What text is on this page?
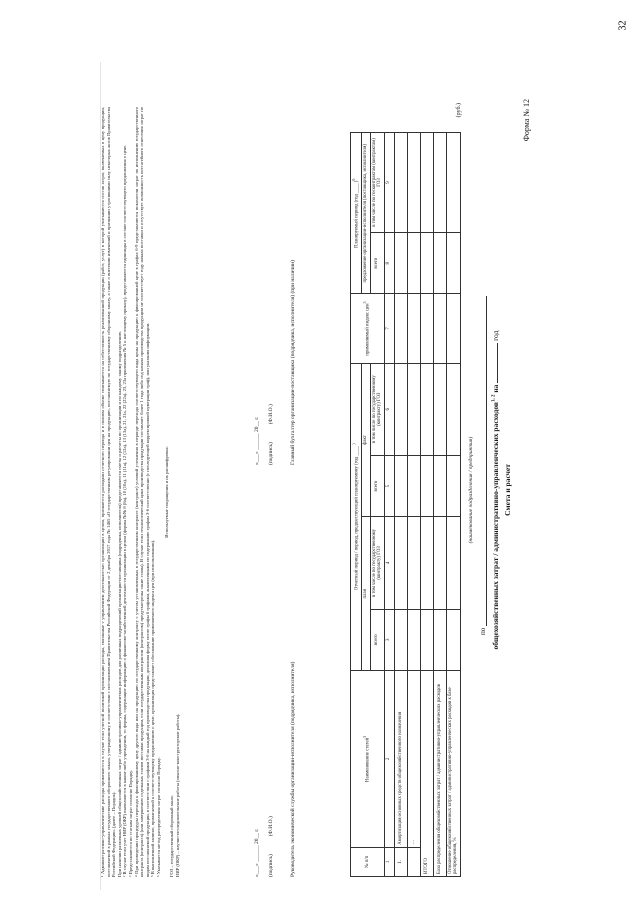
32
Форма № 12
Смета и расчет
общехозяйственных затрат / административно-управленческих расходов$^{1, 2}$ на  год
по
(наименование подразделения / предприятия)
(руб.)
№ п/п	Наименование статей$^3$	Отчетный период / период, предшествующий планируемому (год ____ )				применяемый индекс цен$^5$	Планируемый период (год ____ )$^6$
		план		факт			предложение организации-исполнителя (поставщика, исполнителя)	
		всего	в том числе по государственному (контракту) ГОЗ	всего	в том числе по государственному (контракту) ГОЗ		всего	в том числе по госконтрактам (контрактам) ГОЗ
1	2	3	4	5	6	7	8	9
1.	Амортизация основных средств общехозяйственного назначения							
	…							
ИТОГО								
База распределения общехозяйственных затрат / административно-управленческих расходов								
Отношение общехозяйственных затрат / административно-управленческих расходов к базе распределения, %								
Руководитель экономической службы организации-исполнителя (подрядчика, исполнителя)
Главный бухгалтер организации-поставщика (подрядчика, исполнителя) (при наличии)
(подпись)             (Ф.И.О.)
(подпись)             (Ф.И.О.)
«___» ______ 20__ г.
«___» ______ 20__ г.
¹ Административно-управленческие расходы применяются в случае если учетной политикой организации расходы, связанные с управлением деятельностью организации в целом, признаются расходами отчетного периода и в полном объеме списываются на себестоимость реализованной продукции (работ, услуг) в которой учитываются состав затрат, включаемых в цену продукции, поставляемой в рамках государственного оборонного заказа, утвержденному в соответствии с постановлением Правительства Российской Федерации от 2 декабря 2017 года № 1465 «О государственном регулировании цен на продукцию, поставляемую по государственному оборонному заказу, а также о внесении изменений и признании утратившими силу некоторых актов Правительства Российской Федерации» (далее – Порядок). При наличии различных уровней общехозяйственных затрат / административно-управленческих расходов для различных подразделений организации-поставщика (подрядчика, исполнителя) представляются сметы и расчеты по организации и по каждому такому подразделению. ² В случае если учет НИР (ОКР) выполняется в каком-либо учреждении, то формы, содержащие информацию о финансово-хозяйственной деятельности организации в целом (формы №№ 8 (8а), 10 (10а), 11 (11а), 12 (12а), 13 (13а), 21, 21а, 22 (22а), 23, 23а приложения № 5 к настоящему приказу), представляются единожды в составе соответствующего предложения о цене. ³ Представляются по статьям затрат согласно Порядку. ⁴ При проведении процедуры перехода к фиксированному цену другого вида или на продукцию по государственному контракту с учетом установленных в государственном контракте (контракте) условий уточнения в периоде перехода соответствующего вида цены на продукцию к фиксированной цене в графах 6-9 представляются показатели затрат по исполнению государственного контракта (контракта) (или завершению отдельных этапов поставки продукции, если государственным контрактом (контрактом) предусмотрены такие этапы). В случае если технологический цикл производства продукции составляет более 1 года либо год начала производства продукции не соответствует году начала поставки и отсутствует возможность постатейного отнесения затрат по видам поставляемой продукции, в соответствии с графами 3-6 на каждый год производства продукции, дополняя форму после графы 6 графами, аналогичными по содержанию графам 3-6 соответственно (с последующей корректировкой нумерации граф), или указания информации. ⁵ В выполненной записке, прилагаемой к соответствующему предложению о цене, организация представляет обоснование применяемого индекса цен (при использовании). ⁶ Указывается метод распределения затрат согласно Порядку.
Используемые сокращения и их расшифровка:
ГОЗ – государственный оборонный заказ; НИР (ОКР) – научно-исследовательские работы (опытно-конструкторские работы).
